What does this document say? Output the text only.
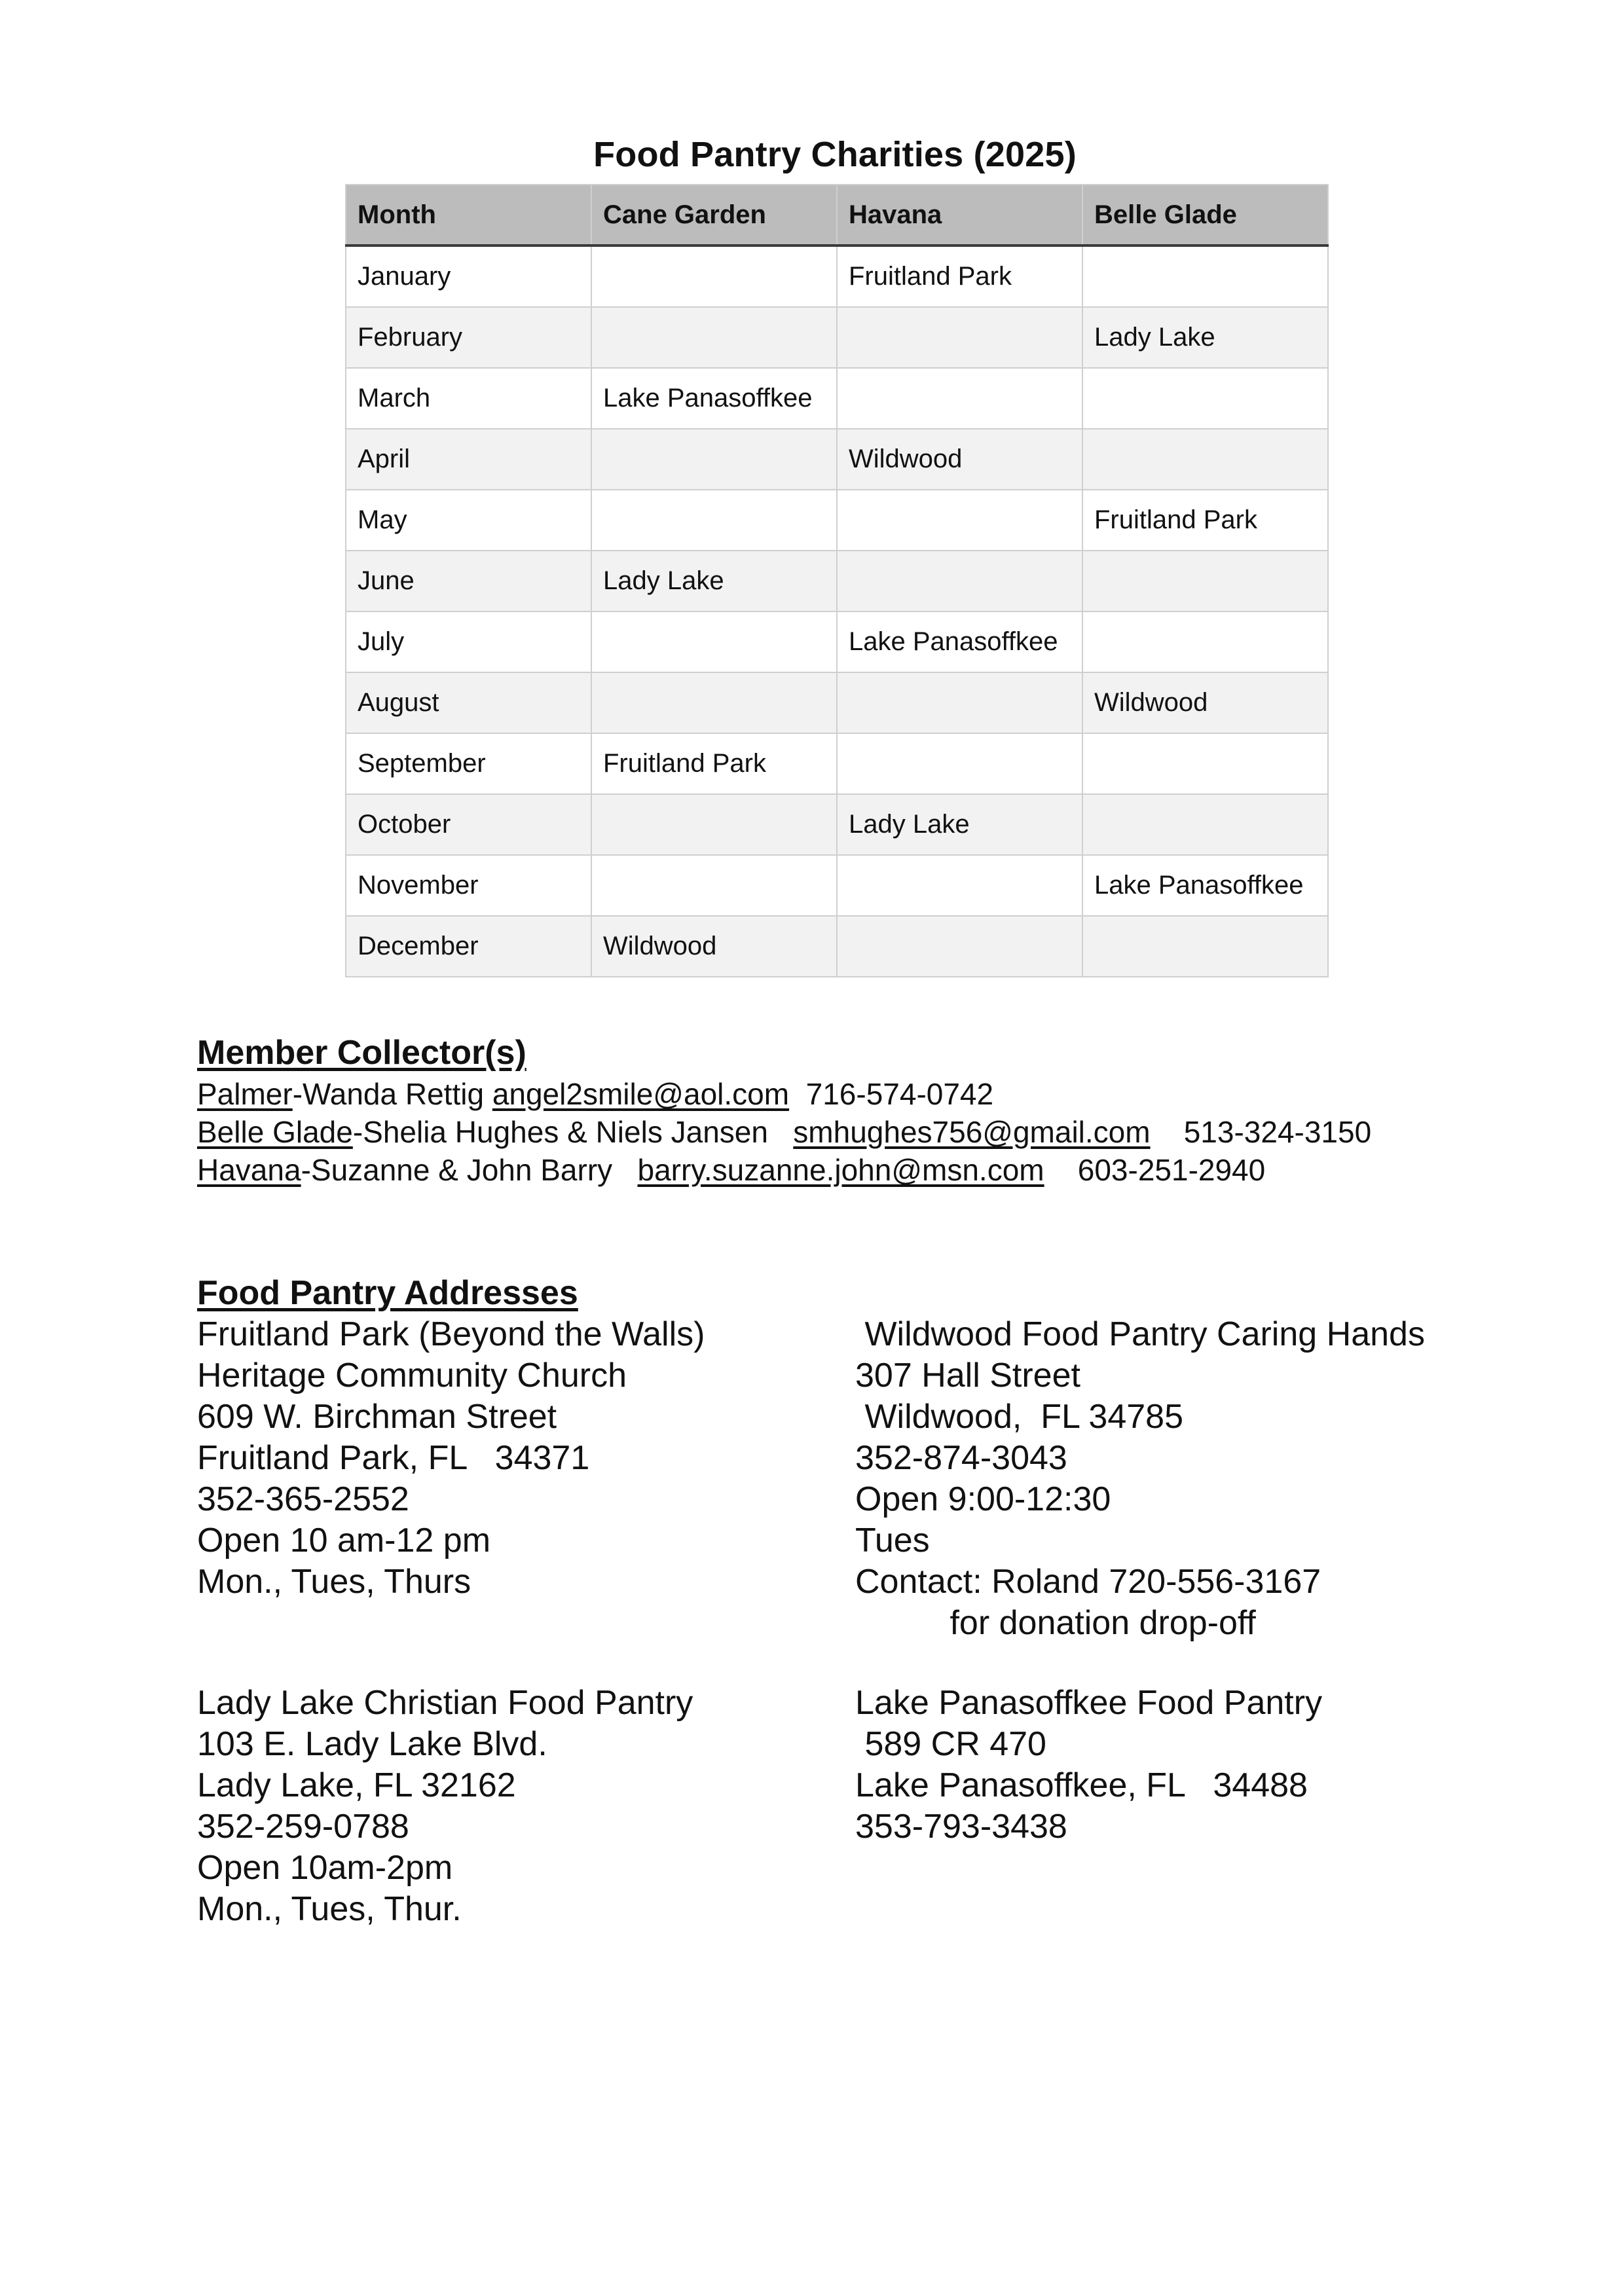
Food Pantry Charities (2025)
Month	Cane Garden	Havana	Belle Glade
January		Fruitland Park	
February			Lady Lake
March	Lake Panasoffkee		
April		Wildwood	
May			Fruitland Park
June	Lady Lake		
July		Lake Panasoffkee	
August			Wildwood
September	Fruitland Park		
October		Lady Lake	
November			Lake Panasoffkee
December	Wildwood		
Member Collector(s)
Palmer-Wanda Rettig angel2smile@aol.com  716-574-0742
Belle Glade-Shelia Hughes & Niels Jansen   smhughes756@gmail.com    513-324-3150
Havana-Suzanne & John Barry   barry.suzanne.john@msn.com    603-251-2940
Food Pantry Addresses
Fruitland Park (Beyond the Walls)
Heritage Community Church
609 W. Birchman Street
Fruitland Park, FL   34371
352-365-2552
Open 10 am-12 pm
Mon., Tues, Thurs
Wildwood Food Pantry Caring Hands
307 Hall Street
Wildwood,  FL 34785
352-874-3043
Open 9:00-12:30
Tues
Contact: Roland 720-556-3167
for donation drop-off
Lady Lake Christian Food Pantry
103 E. Lady Lake Blvd.
Lady Lake, FL 32162
352-259-0788
Open 10am-2pm
Mon., Tues, Thur.
Lake Panasoffkee Food Pantry
589 CR 470
Lake Panasoffkee, FL   34488
353-793-3438
